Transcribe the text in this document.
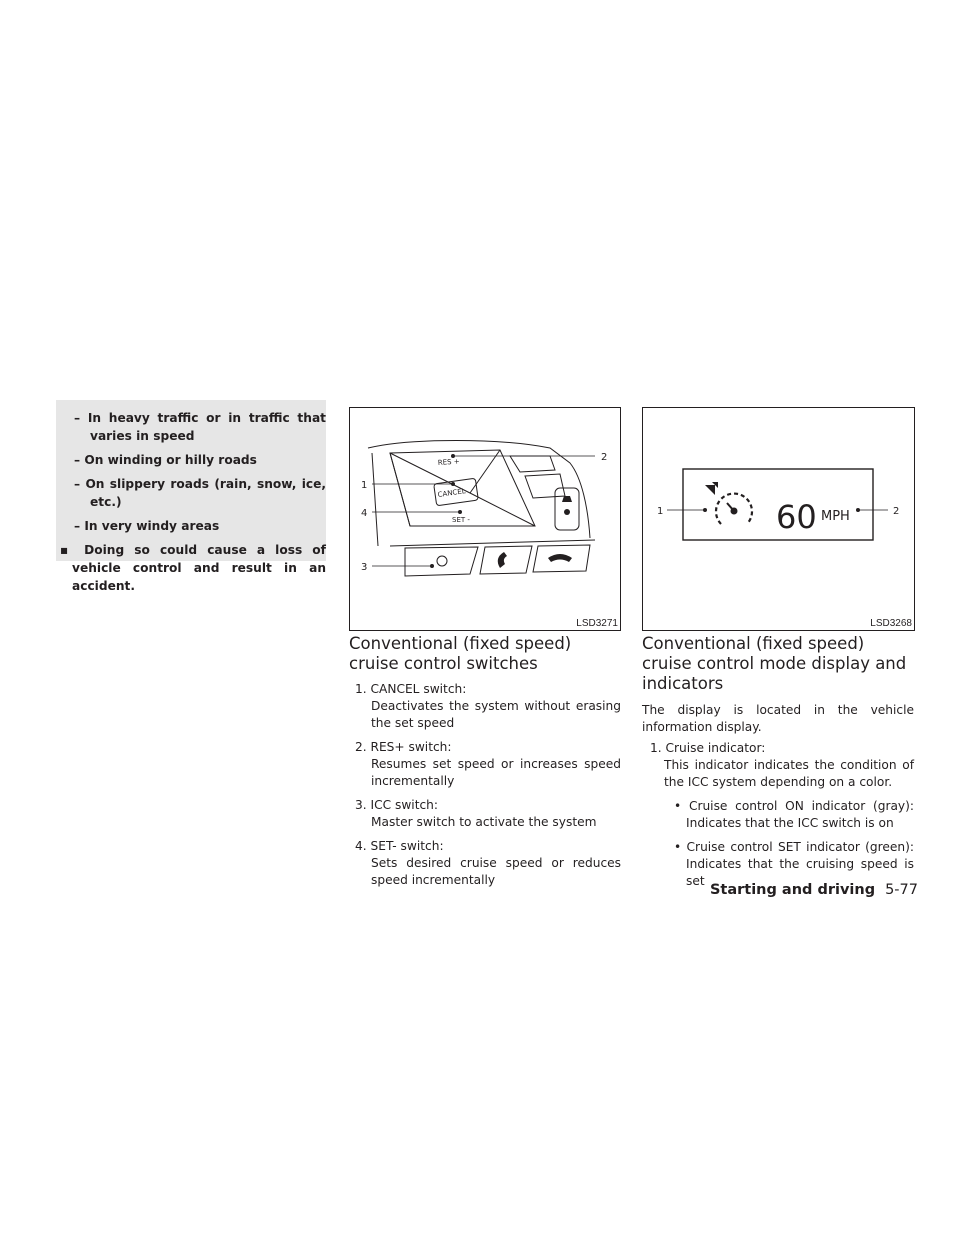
– In heavy traffic or in traffic that varies in speed
– On winding or hilly roads
– On slippery roads (rain, snow, ice, etc.)
– In very windy areas
▪ Doing so could cause a loss of vehicle control and result in an accident.
RES +
CANCEL
SET -
2
1
4
3
LSD3271
60 MPH
1	2
LSD3268
Conventional (fixed speed) cruise control switches
1. CANCEL switch:
Deactivates the system without erasing the set speed
2. RES+ switch:
Resumes set speed or increases speed incrementally
3. ICC switch:
Master switch to activate the system
4. SET- switch:
Sets desired cruise speed or reduces speed incrementally
Conventional (fixed speed) cruise control mode display and indicators

The display is located in the vehicle information display.

1. Cruise indicator:
This indicator indicates the condition of the ICC system depending on a color.
• Cruise control ON indicator (gray): Indicates that the ICC switch is on
• Cruise control SET indicator (green): Indicates that the cruising speed is set
Starting and driving 5-77
